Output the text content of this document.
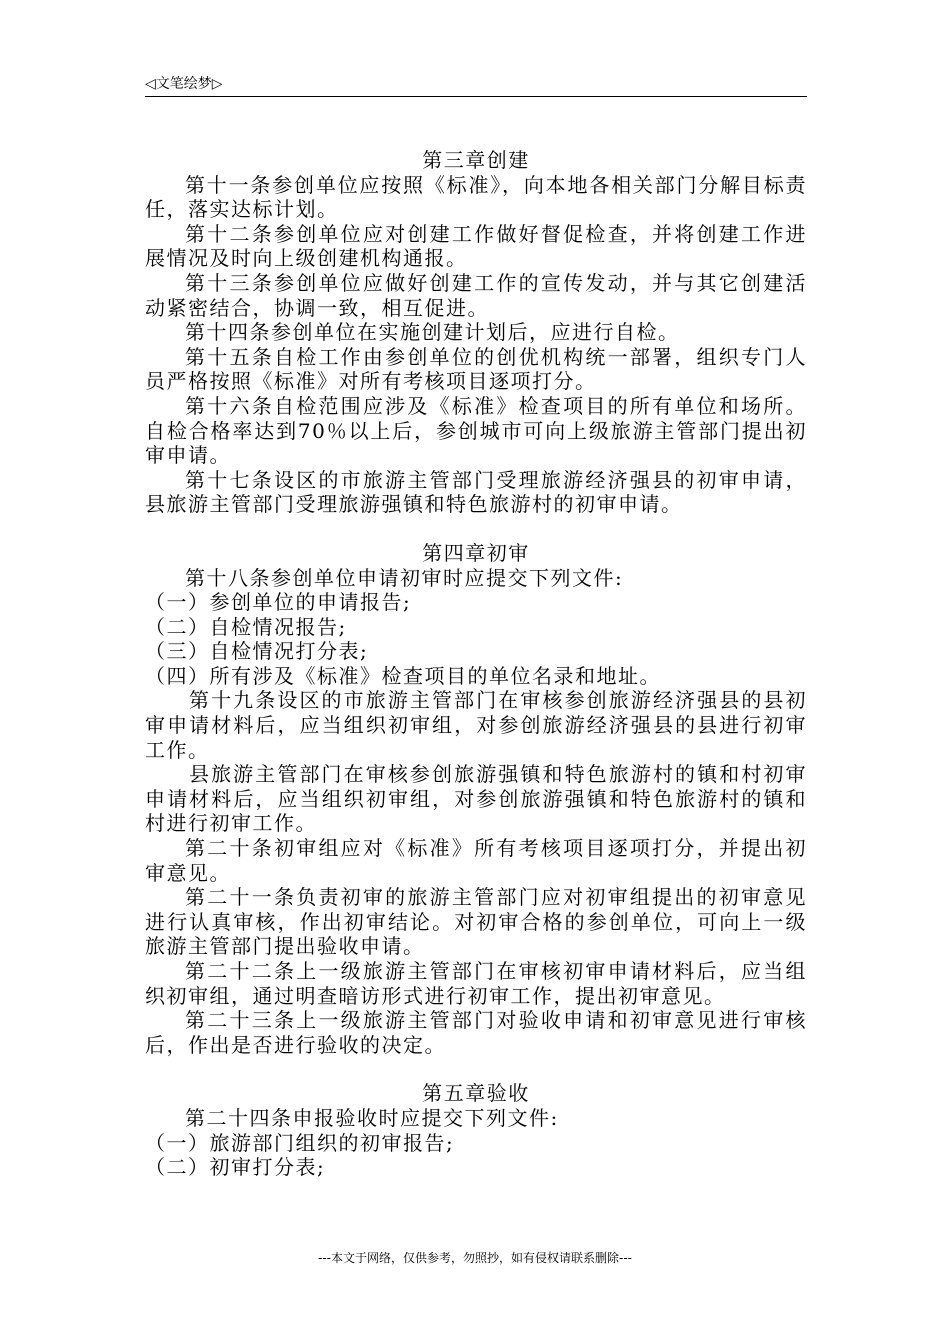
◁文笔绘梦▷

第三章创建

第十一条参创单位应按照《标准》，向本地各相关部门分解目标责任，落实达标计划。

第十二条参创单位应对创建工作做好督促检查，并将创建工作进展情况及时向上级创建机构通报。

第十三条参创单位应做好创建工作的宣传发动，并与其它创建活动紧密结合，协调一致，相互促进。

第十四条参创单位在实施创建计划后，应进行自检。

第十五条自检工作由参创单位的创优机构统一部署，组织专门人员严格按照《标准》对所有考核项目逐项打分。

第十六条自检范围应涉及《标准》检查项目的所有单位和场所。自检合格率达到70％以上后，参创城市可向上级旅游主管部门提出初审申请。

第十七条设区的市旅游主管部门受理旅游经济强县的初审申请，县旅游主管部门受理旅游强镇和特色旅游村的初审申请。

第四章初审

第十八条参创单位申请初审时应提交下列文件:

（一）参创单位的申请报告;

（二）自检情况报告;

（三）自检情况打分表;

（四）所有涉及《标准》检查项目的单位名录和地址。

第十九条设区的市旅游主管部门在审核参创旅游经济强县的县初审申请材料后，应当组织初审组，对参创旅游经济强县的县进行初审工作。

县旅游主管部门在审核参创旅游强镇和特色旅游村的镇和村初审申请材料后，应当组织初审组，对参创旅游强镇和特色旅游村的镇和村进行初审工作。

第二十条初审组应对《标准》所有考核项目逐项打分，并提出初审意见。

第二十一条负责初审的旅游主管部门应对初审组提出的初审意见进行认真审核，作出初审结论。对初审合格的参创单位，可向上一级旅游主管部门提出验收申请。

第二十二条上一级旅游主管部门在审核初审申请材料后，应当组织初审组，通过明查暗访形式进行初审工作，提出初审意见。

第二十三条上一级旅游主管部门对验收申请和初审意见进行审核后，作出是否进行验收的决定。

第五章验收

第二十四条申报验收时应提交下列文件:

（一）旅游部门组织的初审报告;

（二）初审打分表;

---本文于网络，仅供参考，勿照抄，如有侵权请联系删除---
